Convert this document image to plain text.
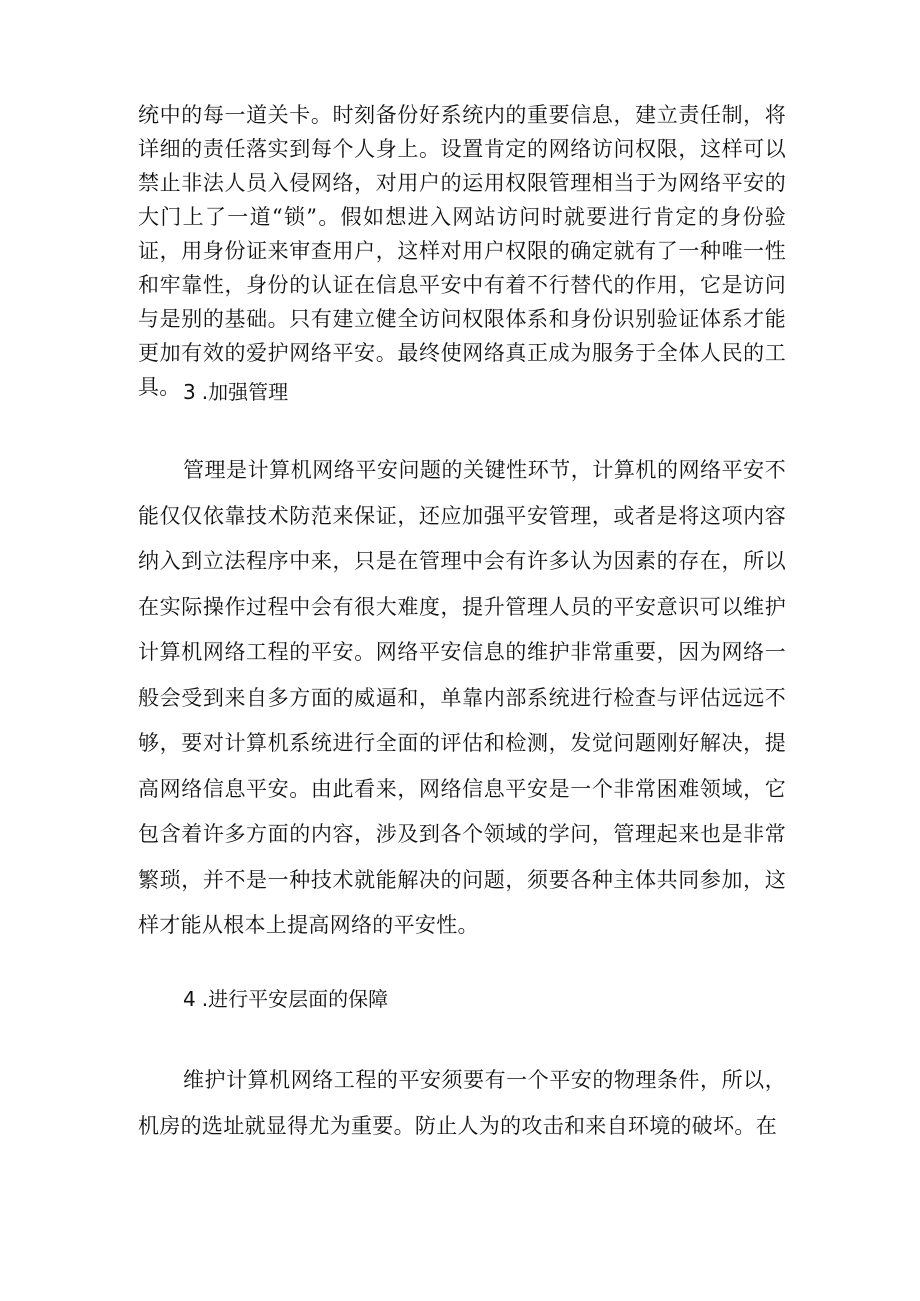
统中的每一道关卡。时刻备份好系统内的重要信息，建立责任制，将详细的责任落实到每个人身上。设置肯定的网络访问权限，这样可以禁止非法人员入侵网络，对用户的运用权限管理相当于为网络平安的大门上了一道“锁”。假如想进入网站访问时就要进行肯定的身份验证，用身份证来审查用户，这样对用户权限的确定就有了一种唯一性和牢靠性，身份的认证在信息平安中有着不行替代的作用，它是访问与是别的基础。只有建立健全访问权限体系和身份识别验证体系才能更加有效的爱护网络平安。最终使网络真正成为服务于全体人民的工具。 3 .加强管理

管理是计算机网络平安问题的关键性环节，计算机的网络平安不能仅仅依靠技术防范来保证，还应加强平安管理，或者是将这项内容纳入到立法程序中来，只是在管理中会有许多认为因素的存在，所以在实际操作过程中会有很大难度，提升管理人员的平安意识可以维护计算机网络工程的平安。网络平安信息的维护非常重要，因为网络一般会受到来自多方面的威逼和，单靠内部系统进行检查与评估远远不够，要对计算机系统进行全面的评估和检测，发觉问题刚好解决，提高网络信息平安。由此看来，网络信息平安是一个非常困难领域，它包含着许多方面的内容，涉及到各个领域的学问，管理起来也是非常繁琐，并不是一种技术就能解决的问题，须要各种主体共同参加，这样才能从根本上提高网络的平安性。

4 .进行平安层面的保障

维护计算机网络工程的平安须要有一个平安的物理条件，所以，机房的选址就显得尤为重要。防止人为的攻击和来自环境的破坏。在
